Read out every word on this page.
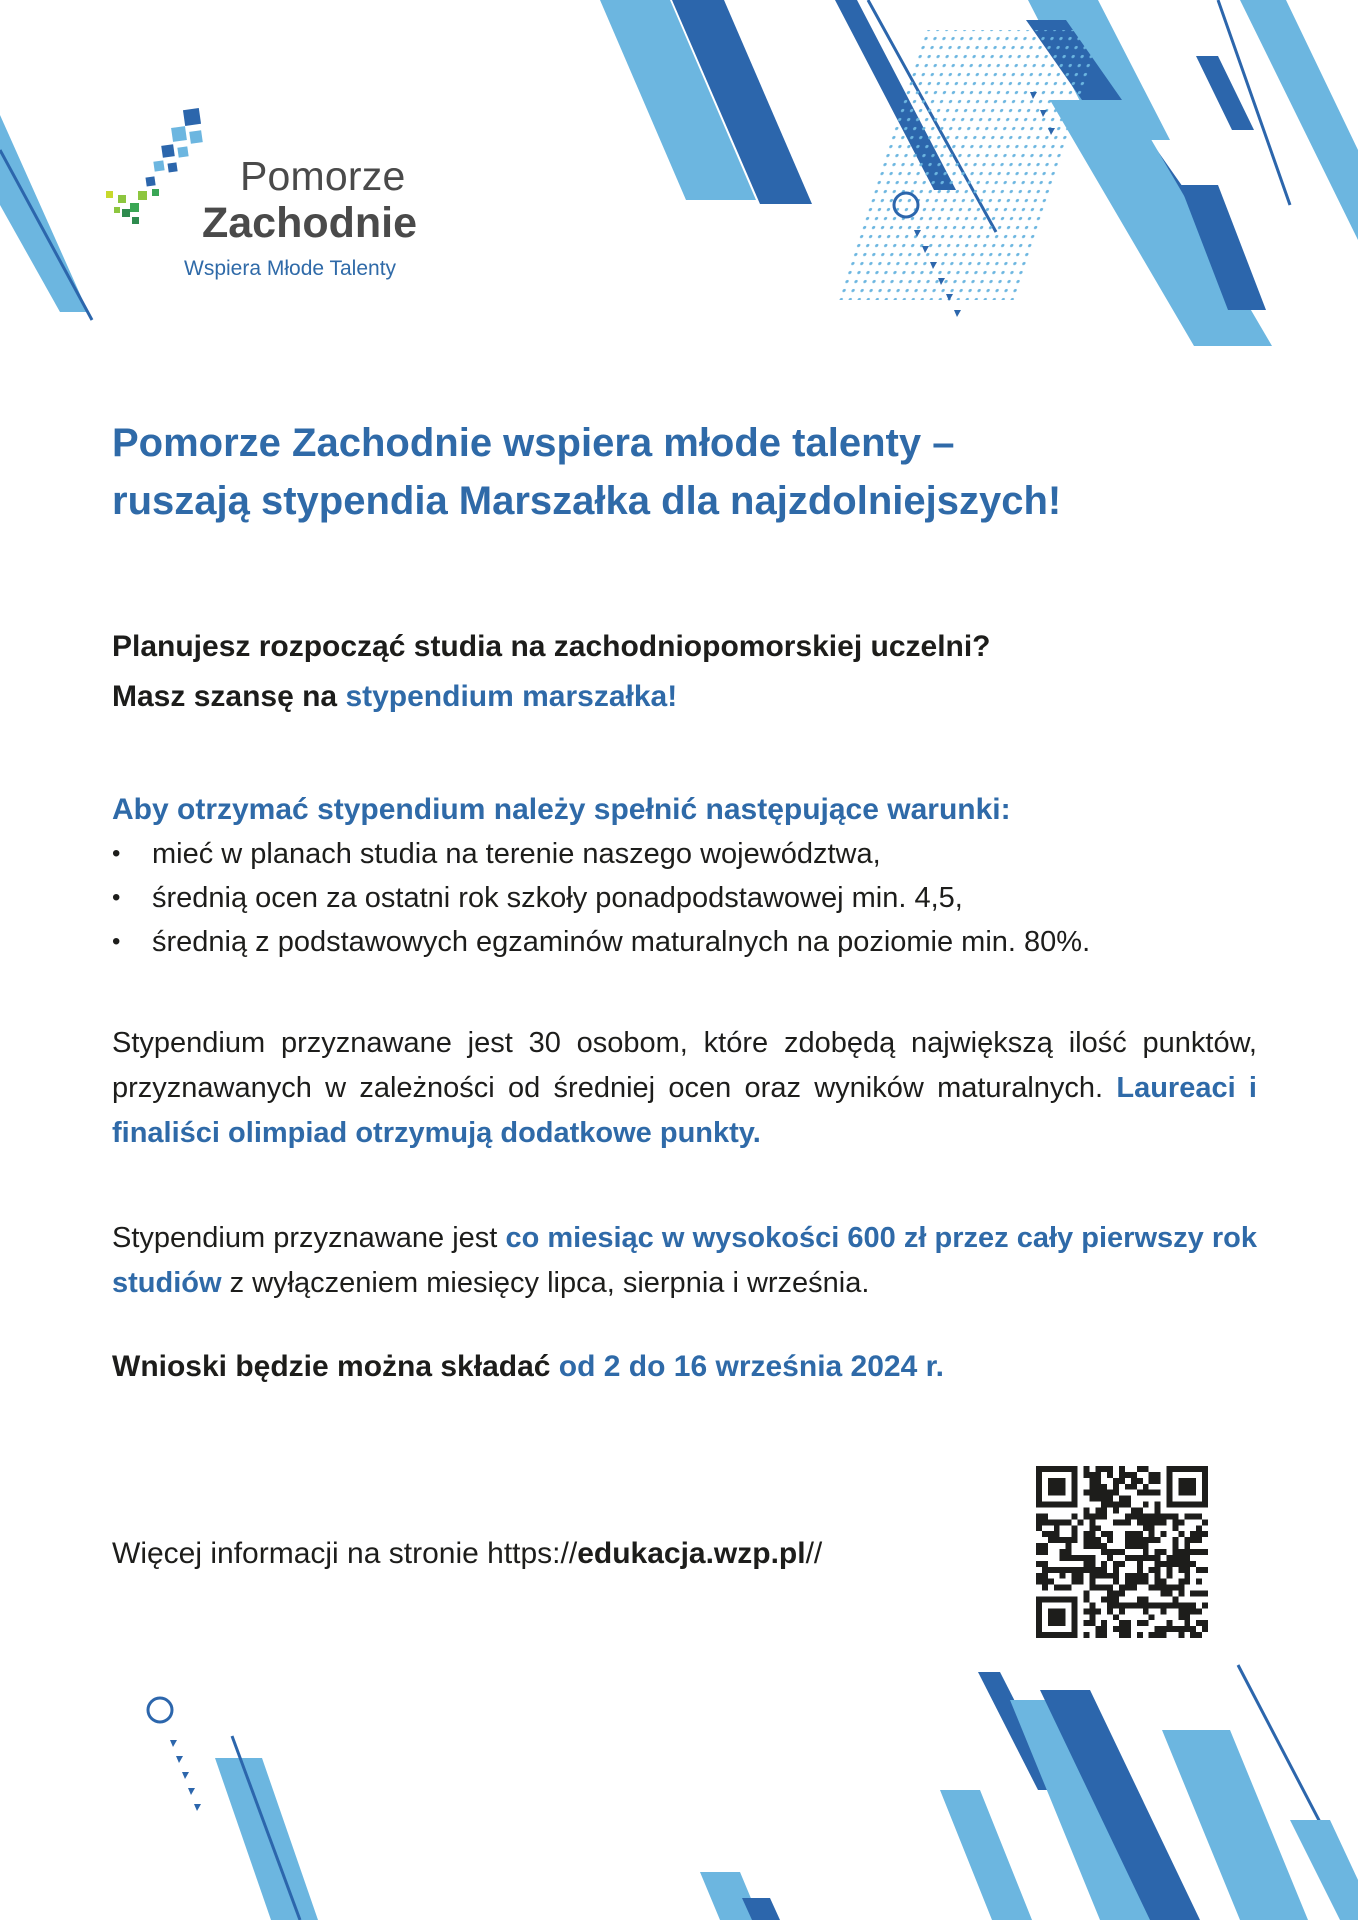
Pomorze
Zachodnie
Wspiera Młode Talenty
Pomorze Zachodnie wspiera młode talenty –
ruszają stypendia Marszałka dla najzdolniejszych!
Planujesz rozpocząć studia na zachodniopomorskiej uczelni?
Masz szansę na stypendium marszałka!
Aby otrzymać stypendium należy spełnić następujące warunki:
• mieć w planach studia na terenie naszego województwa,
• średnią ocen za ostatni rok szkoły ponadpodstawowej min. 4,5,
• średnią z podstawowych egzaminów maturalnych na poziomie min. 80%.
Stypendium przyznawane jest 30 osobom, które zdobędą największą ilość punktów, przyznawanych w zależności od średniej ocen oraz wyników maturalnych. Laureaci i finaliści olimpiad otrzymują dodatkowe punkty.
Stypendium przyznawane jest co miesiąc w wysokości 600 zł przez cały pierwszy rok studiów z wyłączeniem miesięcy lipca, sierpnia i września.
Wnioski będzie można składać od 2 do 16 września 2024 r.
Więcej informacji na stronie https://edukacja.wzp.pl//
